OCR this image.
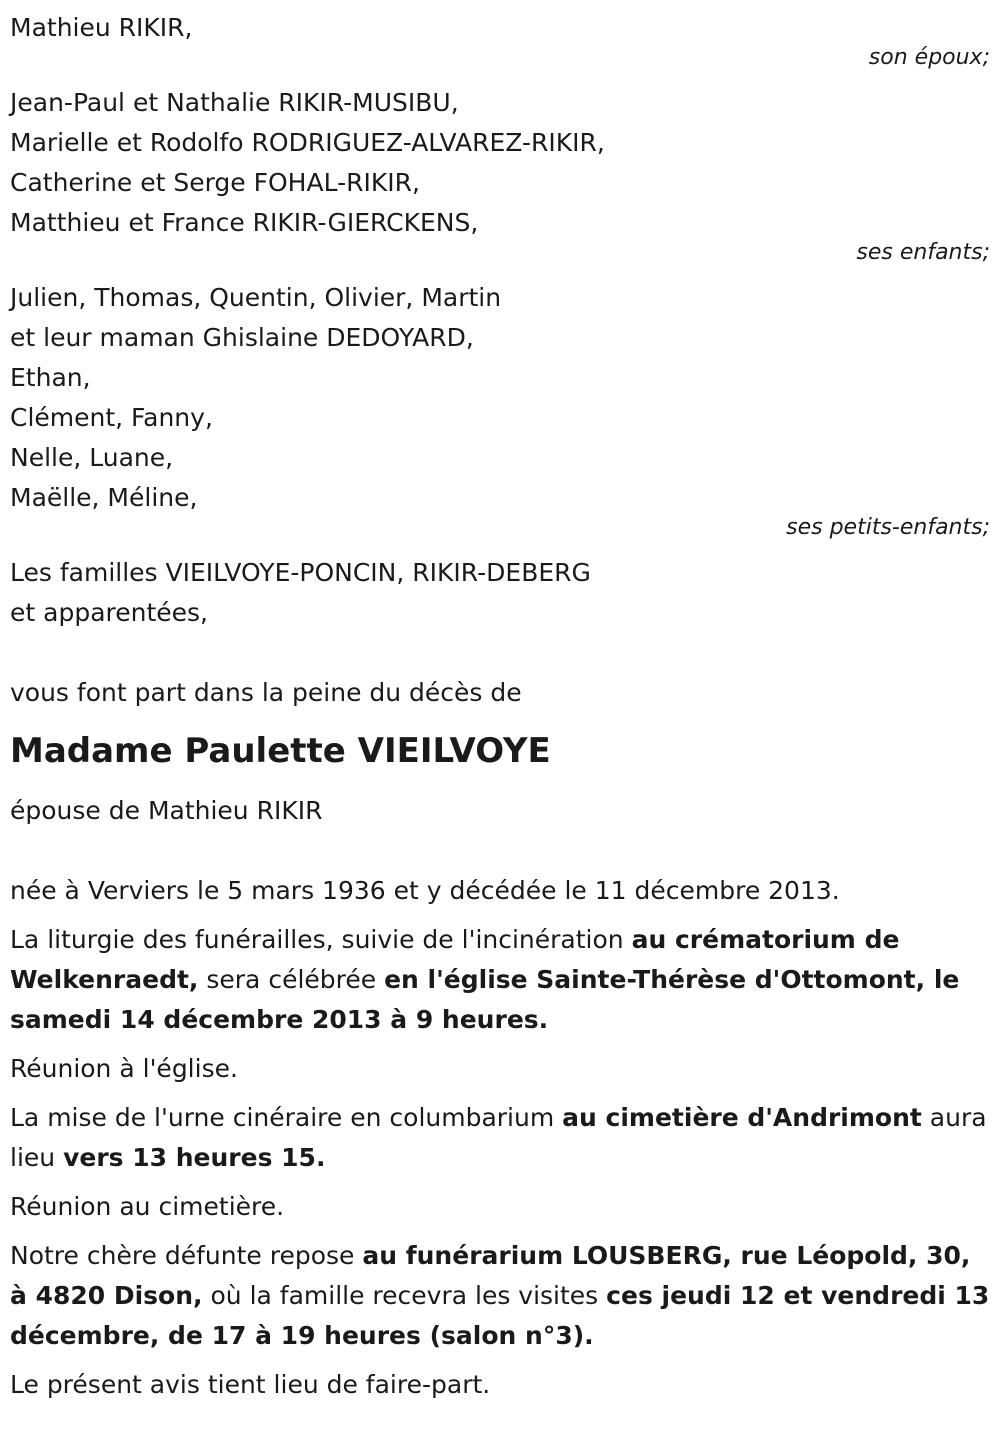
Mathieu RIKIR,
son époux;
Jean-Paul et Nathalie RIKIR-MUSIBU,
Marielle et Rodolfo RODRIGUEZ-ALVAREZ-RIKIR,
Catherine et Serge FOHAL-RIKIR,
Matthieu et France RIKIR-GIERCKENS,
ses enfants;
Julien, Thomas, Quentin, Olivier, Martin
et leur maman Ghislaine DEDOYARD,
Ethan,
Clément, Fanny,
Nelle, Luane,
Maëlle, Méline,
ses petits-enfants;
Les familles VIEILVOYE-PONCIN, RIKIR-DEBERG
et apparentées,
vous font part dans la peine du décès de
Madame Paulette VIEILVOYE
épouse de Mathieu RIKIR
née à Verviers le 5 mars 1936 et y décédée le 11 décembre 2013.
La liturgie des funérailles, suivie de l'incinération au crématorium de Welkenraedt, sera célébrée en l'église Sainte-Thérèse d'Ottomont, le samedi 14 décembre 2013 à 9 heures.
Réunion à l'église.
La mise de l'urne cinéraire en columbarium au cimetière d'Andrimont aura lieu vers 13 heures 15.
Réunion au cimetière.
Notre chère défunte repose au funérarium LOUSBERG, rue Léopold, 30, à 4820 Dison, où la famille recevra les visites ces jeudi 12 et vendredi 13 décembre, de 17 à 19 heures (salon n°3).
Le présent avis tient lieu de faire-part.
